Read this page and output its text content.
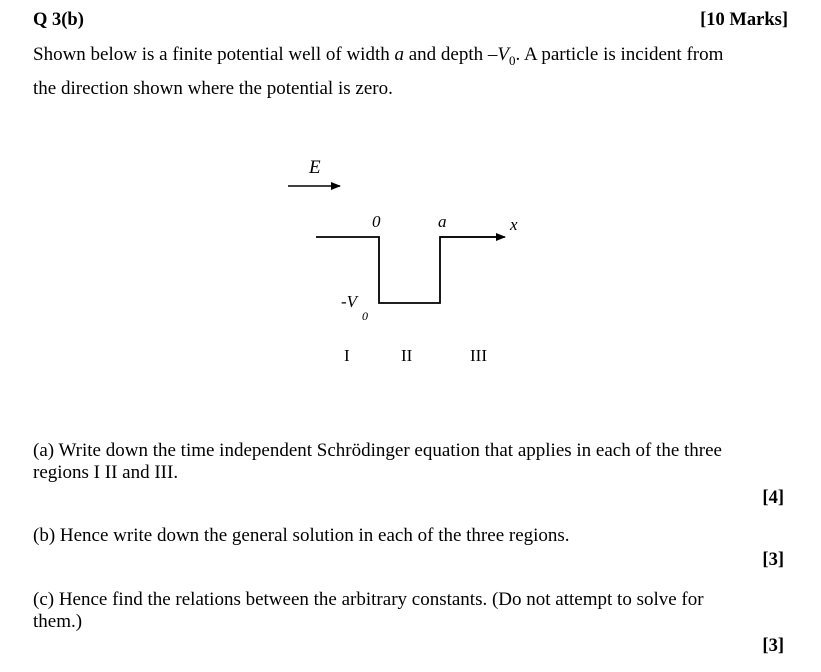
Q 3(b)	[10 Marks]
Shown below is a finite potential well of width a and depth $-V_0$. A particle is incident from
the direction shown where the potential is zero.
E
0	a	x
-V
0
I	II	III
(a) Write down the time independent Schrödinger equation that applies in each of the three
regions I II and III.
[4]
(b) Hence write down the general solution in each of the three regions.
[3]
(c) Hence find the relations between the arbitrary constants. (Do not attempt to solve for
them.)
[3]
